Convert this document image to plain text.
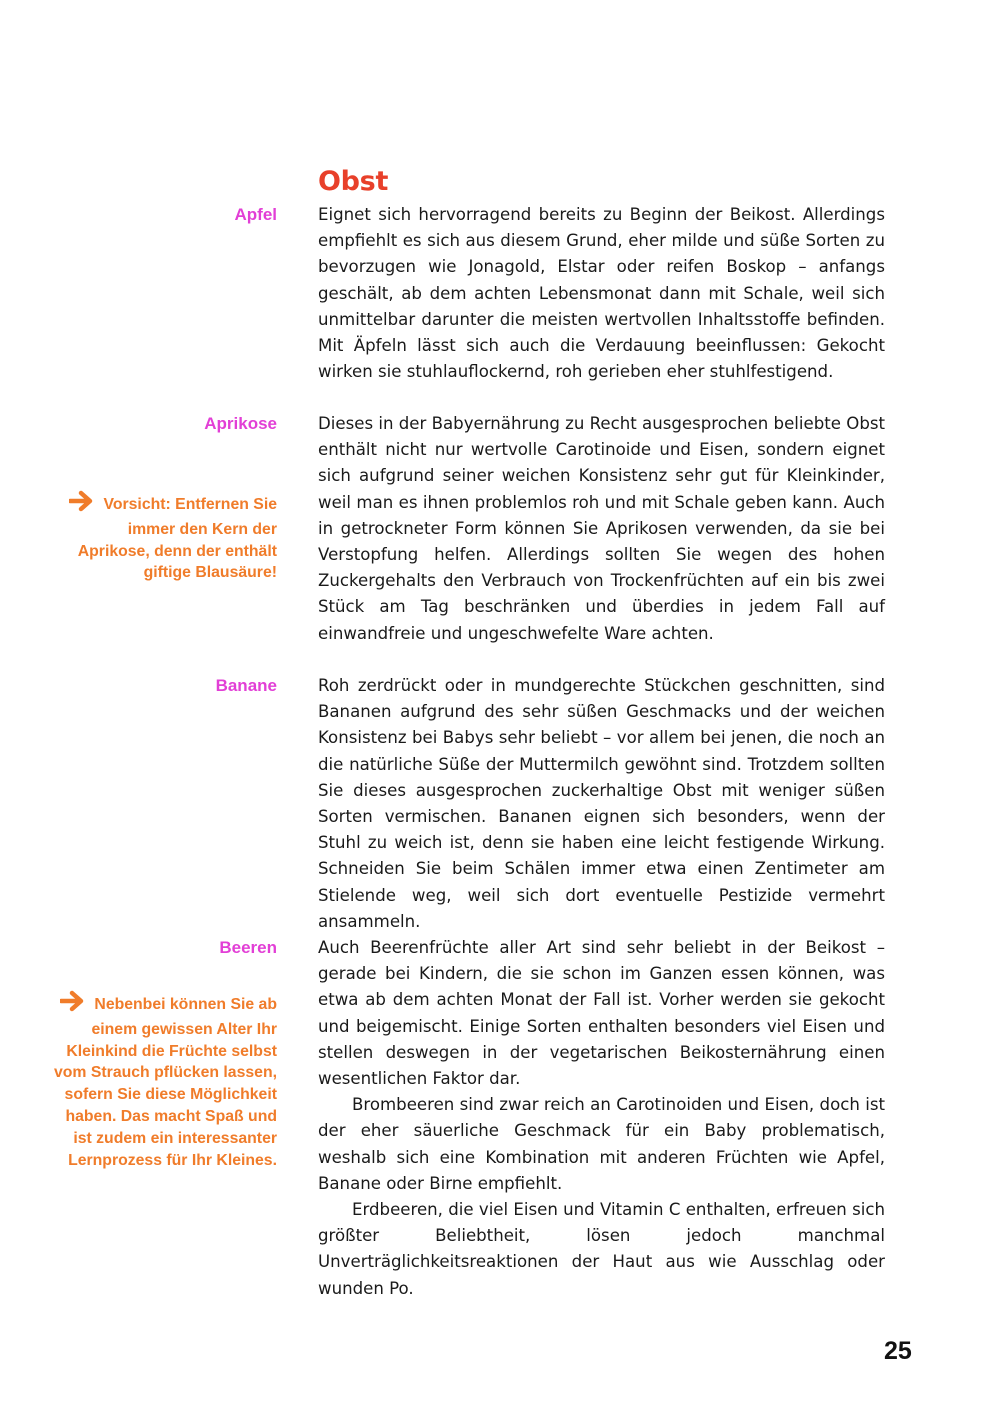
Obst
Apfel Eignet sich hervorragend bereits zu Beginn der Beikost. Allerdings empfiehlt es sich aus diesem Grund, eher milde und süße Sorten zu bevorzugen wie Jonagold, Elstar oder reifen Boskop – anfangs geschält, ab dem achten Lebensmonat dann mit Schale, weil sich unmittelbar darunter die meisten wertvollen Inhaltsstoffe befinden. Mit Äpfeln lässt sich auch die Verdauung beeinflussen: Gekocht wirken sie stuhlauflockernd, roh gerieben eher stuhlfestigend.

Aprikose
Vorsicht: Entfernen Sie immer den Kern der Aprikose, denn der enthält giftige Blausäure!

Dieses in der Babyernährung zu Recht ausgesprochen beliebte Obst enthält nicht nur wertvolle Carotinoide und Eisen, sondern eignet sich aufgrund seiner weichen Konsistenz sehr gut für Kleinkinder, weil man es ihnen problemlos roh und mit Schale geben kann. Auch in getrockneter Form können Sie Aprikosen verwenden, da sie bei Verstopfung helfen. Allerdings sollten Sie wegen des hohen Zuckergehalts den Verbrauch von Trockenfrüchten auf ein bis zwei Stück am Tag beschränken und überdies in jedem Fall auf einwandfreie und ungeschwefelte Ware achten.

Banane Roh zerdrückt oder in mundgerechte Stückchen geschnitten, sind Bananen aufgrund des sehr süßen Geschmacks und der weichen Konsistenz bei Babys sehr beliebt – vor allem bei jenen, die noch an die natürliche Süße der Muttermilch gewöhnt sind. Trotzdem sollten Sie dieses ausgesprochen zuckerhaltige Obst mit weniger süßen Sorten vermischen. Bananen eignen sich besonders, wenn der Stuhl zu weich ist, denn sie haben eine leicht festigende Wirkung. Schneiden Sie beim Schälen immer etwa einen Zentimeter am Stielende weg, weil sich dort eventuelle Pestizide vermehrt ansammeln.

Beeren
Nebenbei können Sie ab einem gewissen Alter Ihr Kleinkind die Früchte selbst vom Strauch pflücken lassen, sofern Sie diese Möglichkeit haben. Das macht Spaß und ist zudem ein interessanter Lernprozess für Ihr Kleines.

Auch Beerenfrüchte aller Art sind sehr beliebt in der Beikost – gerade bei Kindern, die sie schon im Ganzen essen können, was etwa ab dem achten Monat der Fall ist. Vorher werden sie gekocht und beigemischt. Einige Sorten enthalten besonders viel Eisen und stellen deswegen in der vegetarischen Beikosternährung einen wesentlichen Faktor dar.

Brombeeren sind zwar reich an Carotinoiden und Eisen, doch ist der eher säuerliche Geschmack für ein Baby problematisch, weshalb sich eine Kombination mit anderen Früchten wie Apfel, Banane oder Birne empfiehlt.

Erdbeeren, die viel Eisen und Vitamin C enthalten, erfreuen sich größter Beliebtheit, lösen jedoch manchmal Unverträglichkeitsreaktionen der Haut aus wie Ausschlag oder wunden Po.

25
